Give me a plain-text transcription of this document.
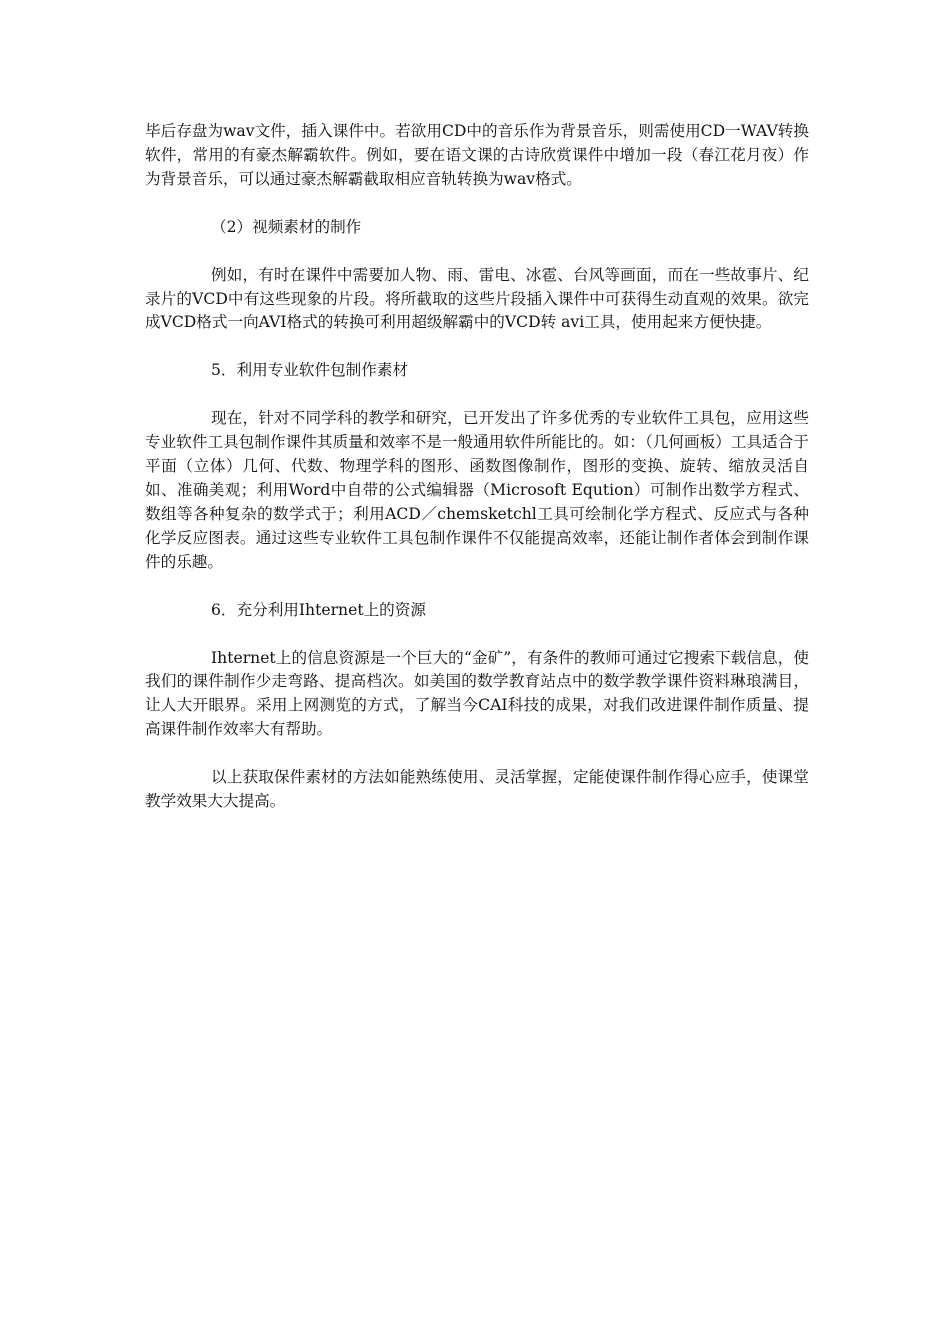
毕后存盘为wav文件，插入课件中。若欲用CD中的音乐作为背景音乐，则需使用CD一WAV转换软件，常用的有豪杰解霸软件。例如，要在语文课的古诗欣赏课件中增加一段（春江花月夜）作为背景音乐，可以通过豪杰解霸截取相应音轨转换为wav格式。

（2）视频素材的制作

例如，有时在课件中需要加人物、雨、雷电、冰雹、台风等画面，而在一些故事片、纪录片的VCD中有这些现象的片段。将所截取的这些片段插入课件中可获得生动直观的效果。欲完成VCD格式一向AVI格式的转换可利用超级解霸中的VCD转 avi工具，使用起来方便快捷。

5．利用专业软件包制作素材

现在，针对不同学科的教学和研究，已开发出了许多优秀的专业软件工具包，应用这些专业软件工具包制作课件其质量和效率不是一般通用软件所能比的。如：（几何画板）工具适合于平面（立体）几何、代数、物理学科的图形、函数图像制作，图形的变换、旋转、缩放灵活自如、准确美观；利用Word中自带的公式编辑器（Microsoft Eqution）可制作出数学方程式、数组等各种复杂的数学式于；利用ACD／chemsketchl工具可绘制化学方程式、反应式与各种化学反应图表。通过这些专业软件工具包制作课件不仅能提高效率，还能让制作者体会到制作课件的乐趣。

6．充分利用Ihternet上的资源

Ihternet上的信息资源是一个巨大的“金矿”，有条件的教师可通过它搜索下载信息，使我们的课件制作少走弯路、提高档次。如美国的数学教育站点中的数学教学课件资料琳琅满目，让人大开眼界。采用上网测览的方式，了解当今CAI科技的成果，对我们改进课件制作质量、提高课件制作效率大有帮助。

以上获取保件素材的方法如能熟练使用、灵活掌握，定能使课件制作得心应手，使课堂教学效果大大提高。
